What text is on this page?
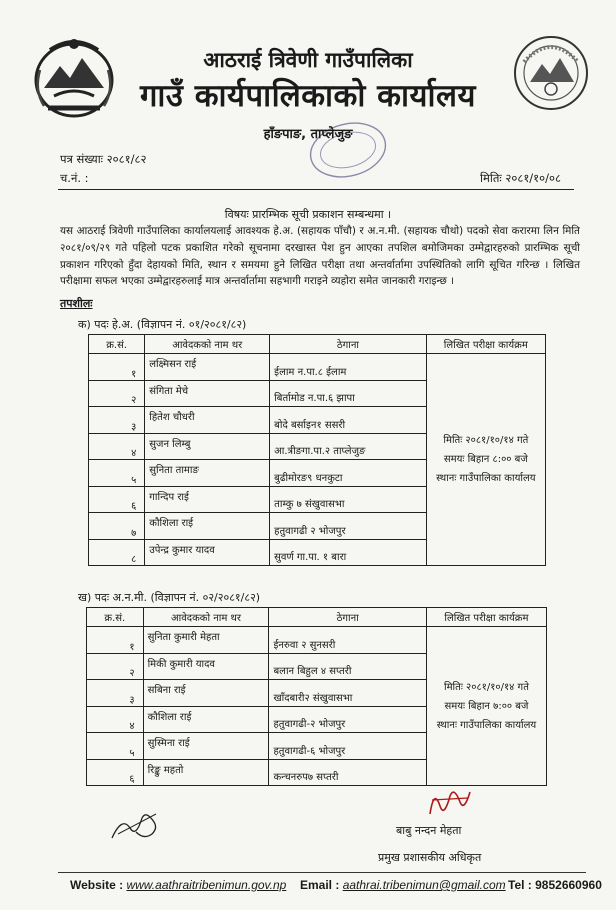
आठराई त्रिवेणी गाउँपालिका
गाउँ कार्यपालिकाको कार्यालय
हाँङपाङ, ताप्लेजुङ
पत्र संख्याः २०८१/८२
च.नं. :	मितिः २०८१/१०/०८
विषयः प्रारम्भिक सूची प्रकाशन सम्बन्धमा ।
यस आठराई त्रिवेणी गाउँपालिका कार्यालयलाई आवश्यक हे.अ. (सहायक पाँचौ) र अ.न.मी. (सहायक चौथो) पदको सेवा करारमा लिन मिति २०८१/०९/२९ गते पहिलो पटक प्रकाशित गरेको सूचनामा दरखास्त पेश हुन आएका तपशिल बमोजिमका उम्मेद्वारहरुको प्रारम्भिक सूची प्रकाशन गरिएको हुँदा देहायको मिति, स्थान र समयमा हुने लिखित परीक्षा तथा अन्तर्वार्तामा उपस्थितिको लागि सूचित गरिन्छ । लिखित परीक्षामा सफल भएका उम्मेद्वारहरुलाई मात्र अन्तर्वार्तामा सहभागी गराइने व्यहोरा समेत जानकारी गराइन्छ ।
तपशीलः
क) पदः हे.अ. (विज्ञापन नं. ०१/२०८१/८२)
क्र.सं.	आवेदकको नाम थर	ठेगाना	लिखित परीक्षा कार्यक्रम
१	लक्ष्मिसन राई	ईलाम न.पा.८ ईलाम	मितिः २०८१/१०/१४ गते
समयः बिहान ८:०० बजे
स्थानः गाउँपालिका कार्यालय

२	संगिता मेचे	बिर्तामोड न.पा.६ झापा	
३	हितेश चौधरी	बोदे बर्साइन१ ससरी	
४	सुजन लिम्बु	आ.त्रीङगा.पा.२ ताप्लेजुङ	
५	सुनिता तामाङ	बुढीमोरङ९ धनकुटा	
६	गान्दिप राई	ताम्कु ७ संखुवासभा	
७	कौशिला राई	हतुवागढी २ भोजपुर	
८	उपेन्द्र कुमार यादव	सुवर्ण गा.पा. १ बारा	
ख) पदः अ.न.मी. (विज्ञापन नं. ०२/२०८१/८२)
क्र.सं.	आवेदकको नाम थर	ठेगाना	लिखित परीक्षा कार्यक्रम
१	सुनिता कुमारी मेहता	ईनरुवा २ सुनसरी	मितिः २०८१/१०/१४ गते
समयः बिहान ७:०० बजे
स्थानः गाउँपालिका कार्यालय

२	मिकी कुमारी यादव	बलान बिहुल ४ सप्तरी	
३	सबिना राई	खाँदबारी२ संखुवासभा	
४	कौशिला राई	हतुवागढी-२ भोजपुर	
५	सुस्मिना राई	हतुवागढी-६ भोजपुर	
६	रिङ्कु महतो	कन्चनरुप७ सप्तरी	
बाबु नन्दन मेहता
प्रमुख प्रशासकीय अधिकृत
Website : www.aathraitribenimun.gov.np Email : aathrai.tribenimun@gmail.com Tel : 9852660960
